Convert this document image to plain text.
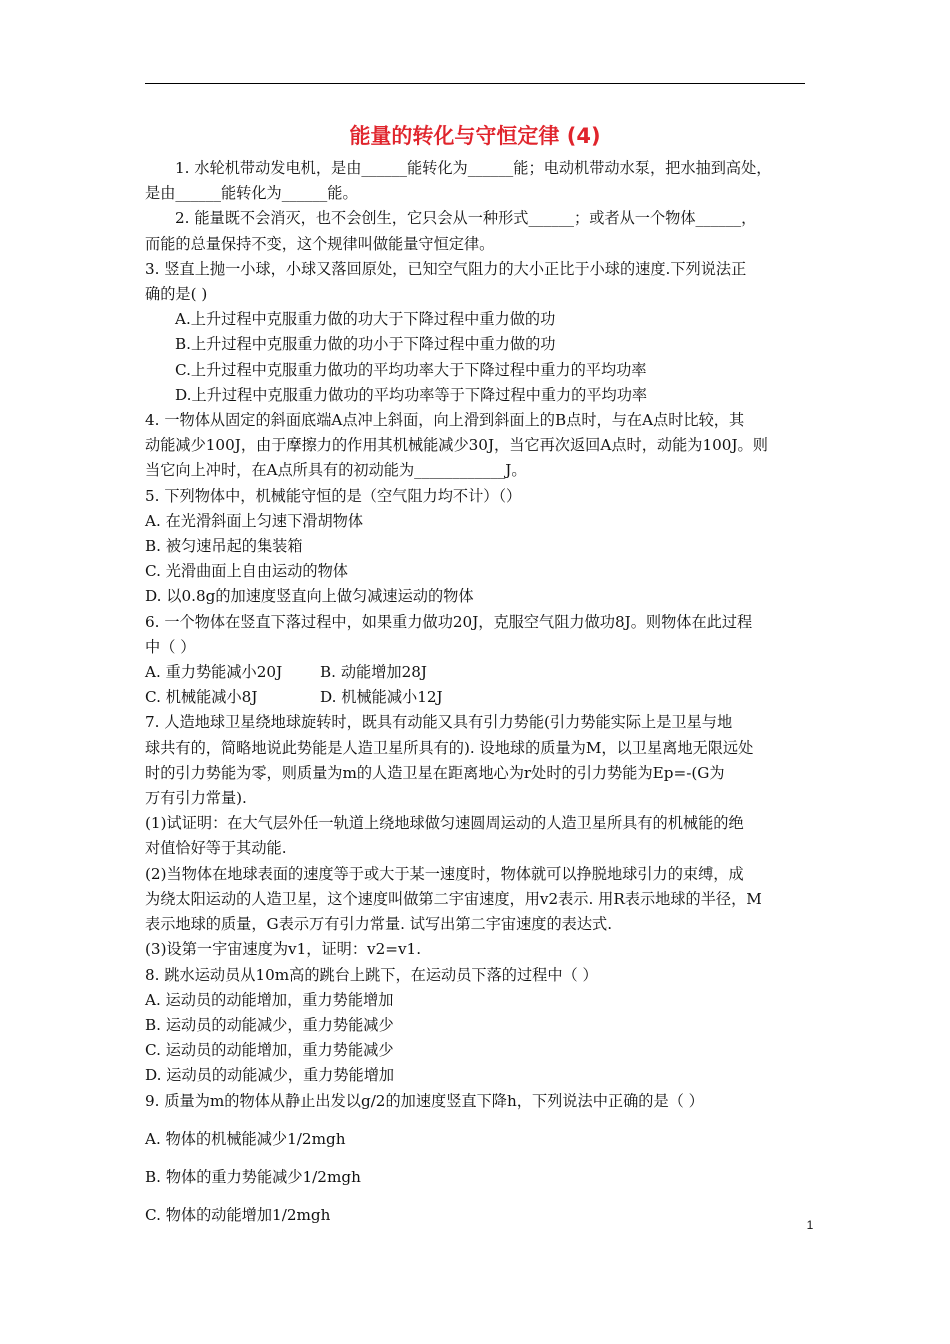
能量的转化与守恒定律 (4)

1. 水轮机带动发电机，是由______能转化为______能；电动机带动水泵，把水抽到高处，

是由______能转化为______能。

2. 能量既不会消灭，也不会创生，它只会从一种形式______；或者从一个物体______，

而能的总量保持不变，这个规律叫做能量守恒定律。

3. 竖直上抛一小球，小球又落回原处，已知空气阻力的大小正比于小球的速度.下列说法正

确的是( )

A.上升过程中克服重力做的功大于下降过程中重力做的功

B.上升过程中克服重力做的功小于下降过程中重力做的功

C.上升过程中克服重力做功的平均功率大于下降过程中重力的平均功率

D.上升过程中克服重力做功的平均功率等于下降过程中重力的平均功率

4. 一物体从固定的斜面底端A点冲上斜面，向上滑到斜面上的B点时，与在A点时比较，其

动能减少100J，由于摩擦力的作用其机械能减少30J，当它再次返回A点时，动能为100J。则

当它向上冲时，在A点所具有的初动能为____________J。

5. 下列物体中，机械能守恒的是（空气阻力均不计）（）

A. 在光滑斜面上匀速下滑胡物体

B. 被匀速吊起的集装箱

C. 光滑曲面上自由运动的物体

D. 以0.8g的加速度竖直向上做匀减速运动的物体

6. 一个物体在竖直下落过程中，如果重力做功20J，克服空气阻力做功8J。则物体在此过程

中（ ）

A. 重力势能减小20J	B. 动能增加28J
C. 机械能减小8J	D. 机械能减小12J

7. 人造地球卫星绕地球旋转时，既具有动能又具有引力势能(引力势能实际上是卫星与地

球共有的，简略地说此势能是人造卫星所具有的). 设地球的质量为M，以卫星离地无限远处

时的引力势能为零，则质量为m的人造卫星在距离地心为r处时的引力势能为Ep=-(G为

万有引力常量).

(1)试证明：在大气层外任一轨道上绕地球做匀速圆周运动的人造卫星所具有的机械能的绝

对值恰好等于其动能.

(2)当物体在地球表面的速度等于或大于某一速度时，物体就可以挣脱地球引力的束缚，成

为绕太阳运动的人造卫星，这个速度叫做第二宇宙速度，用v2表示. 用R表示地球的半径，M

表示地球的质量，G表示万有引力常量. 试写出第二宇宙速度的表达式.

(3)设第一宇宙速度为v1，证明：v2=v1.

8. 跳水运动员从10m高的跳台上跳下，在运动员下落的过程中（ ）

A. 运动员的动能增加，重力势能增加

B. 运动员的动能减少，重力势能减少

C. 运动员的动能增加，重力势能减少

D. 运动员的动能减少，重力势能增加

9. 质量为m的物体从静止出发以g/2的加速度竖直下降h，下列说法中正确的是（ ）

A. 物体的机械能减少1/2mgh

B. 物体的重力势能减少1/2mgh

C. 物体的动能增加1/2mgh

1
